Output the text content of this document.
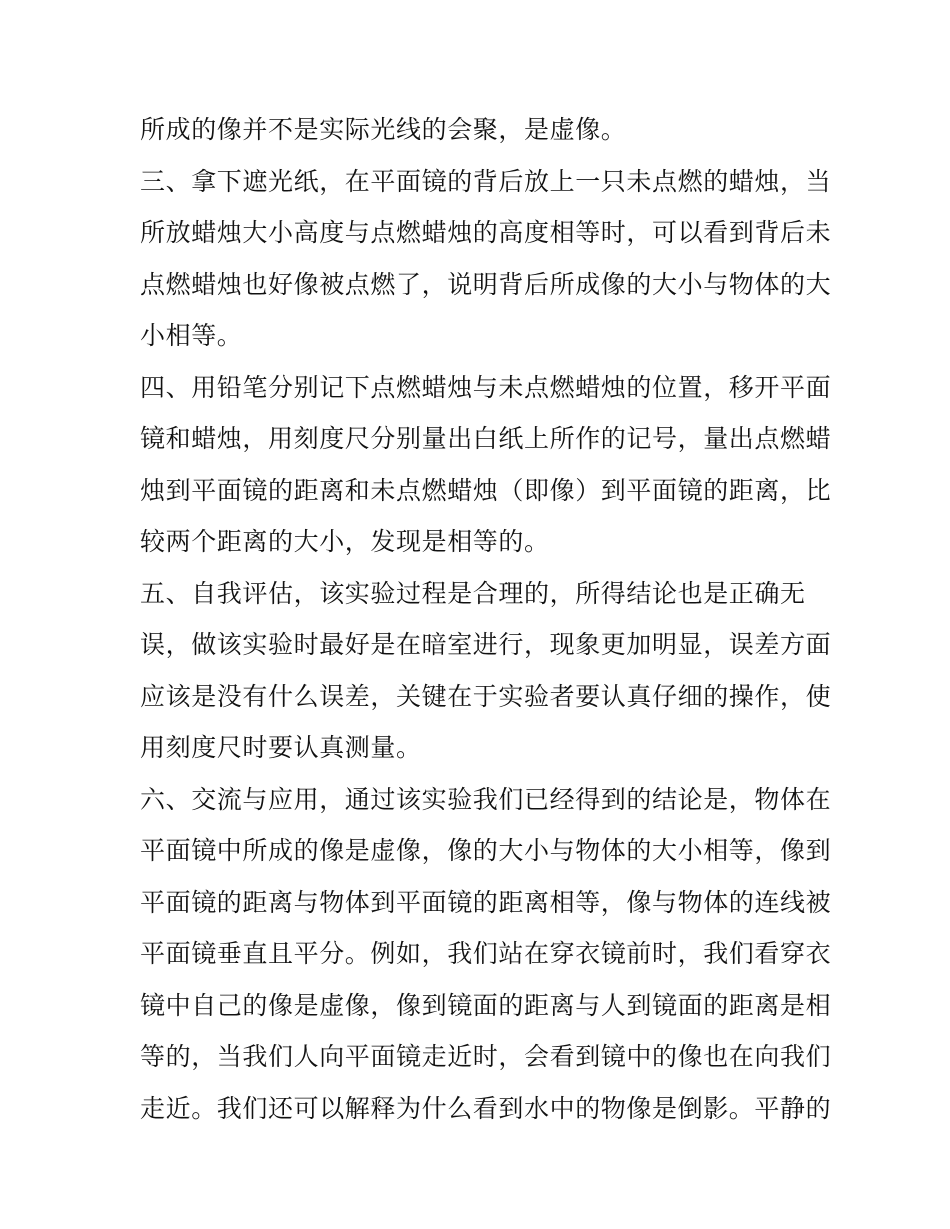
所成的像并不是实际光线的会聚，是虚像。
三、拿下遮光纸，在平面镜的背后放上一只未点燃的蜡烛，当
所放蜡烛大小高度与点燃蜡烛的高度相等时，可以看到背后未
点燃蜡烛也好像被点燃了，说明背后所成像的大小与物体的大
小相等。
四、用铅笔分别记下点燃蜡烛与未点燃蜡烛的位置，移开平面
镜和蜡烛，用刻度尺分别量出白纸上所作的记号，量出点燃蜡
烛到平面镜的距离和未点燃蜡烛（即像）到平面镜的距离，比
较两个距离的大小，发现是相等的。
五、自我评估，该实验过程是合理的，所得结论也是正确无
误，做该实验时最好是在暗室进行，现象更加明显，误差方面
应该是没有什么误差，关键在于实验者要认真仔细的操作，使
用刻度尺时要认真测量。
六、交流与应用，通过该实验我们已经得到的结论是，物体在
平面镜中所成的像是虚像，像的大小与物体的大小相等，像到
平面镜的距离与物体到平面镜的距离相等，像与物体的连线被
平面镜垂直且平分。例如，我们站在穿衣镜前时，我们看穿衣
镜中自己的像是虚像，像到镜面的距离与人到镜面的距离是相
等的，当我们人向平面镜走近时，会看到镜中的像也在向我们
走近。我们还可以解释为什么看到水中的物像是倒影。平静的
